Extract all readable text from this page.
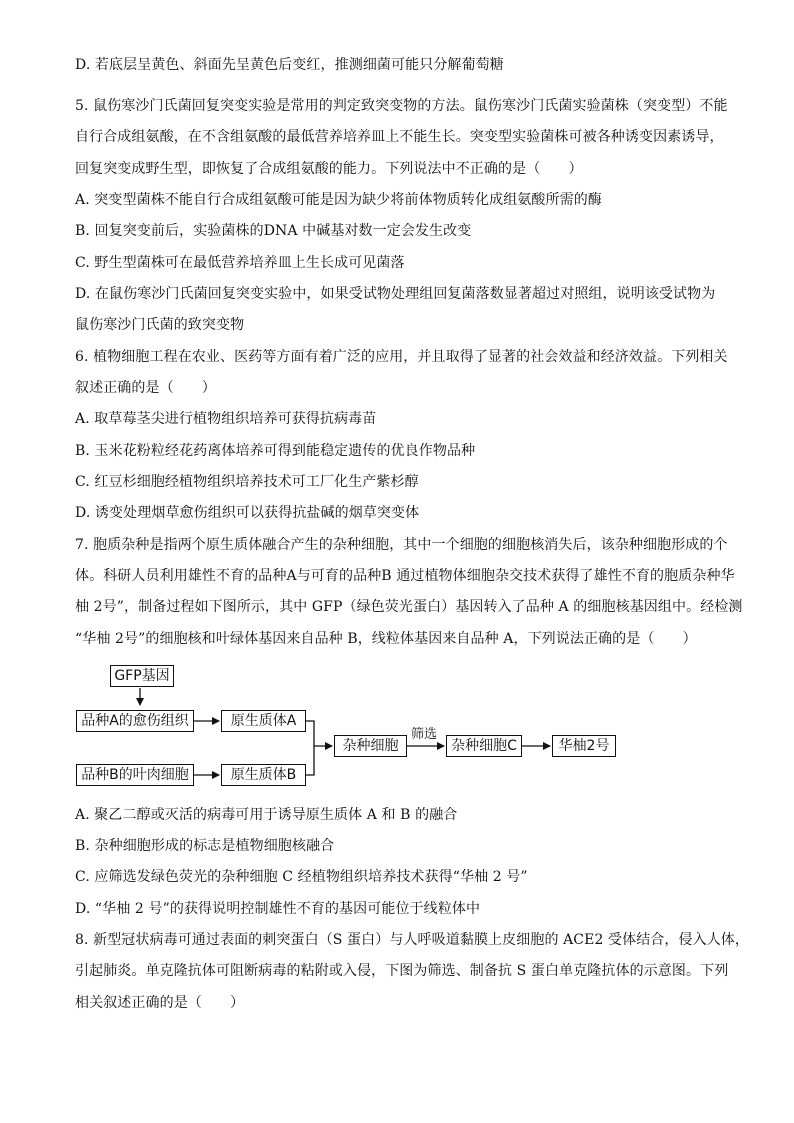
D. 若底层呈黄色、斜面先呈黄色后变红，推测细菌可能只分解葡萄糖
5. 鼠伤寒沙门氏菌回复突变实验是常用的判定致突变物的方法。鼠伤寒沙门氏菌实验菌株（突变型）不能
自行合成组氨酸，在不含组氨酸的最低营养培养皿上不能生长。突变型实验菌株可被各种诱变因素诱导，
回复突变成野生型，即恢复了合成组氨酸的能力。下列说法中不正确的是（　　）
A. 突变型菌株不能自行合成组氨酸可能是因为缺少将前体物质转化成组氨酸所需的酶
B. 回复突变前后，实验菌株的DNA 中碱基对数一定会发生改变
C. 野生型菌株可在最低营养培养皿上生长成可见菌落
D. 在鼠伤寒沙门氏菌回复突变实验中，如果受试物处理组回复菌落数显著超过对照组，说明该受试物为
鼠伤寒沙门氏菌的致突变物
6. 植物细胞工程在农业、医药等方面有着广泛的应用，并且取得了显著的社会效益和经济效益。下列相关
叙述正确的是（　　）
A. 取草莓茎尖进行植物组织培养可获得抗病毒苗
B. 玉米花粉粒经花药离体培养可得到能稳定遗传的优良作物品种
C. 红豆杉细胞经植物组织培养技术可工厂化生产紫杉醇
D. 诱变处理烟草愈伤组织可以获得抗盐碱的烟草突变体
7. 胞质杂种是指两个原生质体融合产生的杂种细胞，其中一个细胞的细胞核消失后，该杂种细胞形成的个
体。科研人员利用雄性不育的品种A与可育的品种B 通过植物体细胞杂交技术获得了雄性不育的胞质杂种华
柚 2号”，制备过程如下图所示，其中 GFP（绿色荧光蛋白）基因转入了品种 A 的细胞核基因组中。经检测
“华柚 2号”的细胞核和叶绿体基因来自品种 B，线粒体基因来自品种 A，下列说法正确的是（　　）
GFP基因
品种A的愈伤组织	原生质体A
品种B的叶肉细胞	原生质体B
杂种细胞
筛选
杂种细胞C	华柚2号
A. 聚乙二醇或灭活的病毒可用于诱导原生质体 A 和 B 的融合
B. 杂种细胞形成的标志是植物细胞核融合
C. 应筛选发绿色荧光的杂种细胞 C 经植物组织培养技术获得“华柚 2 号”
D. “华柚 2 号”的获得说明控制雄性不育的基因可能位于线粒体中
8. 新型冠状病毒可通过表面的刺突蛋白（S 蛋白）与人呼吸道黏膜上皮细胞的 ACE2 受体结合，侵入人体，
引起肺炎。单克隆抗体可阻断病毒的粘附或入侵，下图为筛选、制备抗 S 蛋白单克隆抗体的示意图。下列
相关叙述正确的是（　　）
